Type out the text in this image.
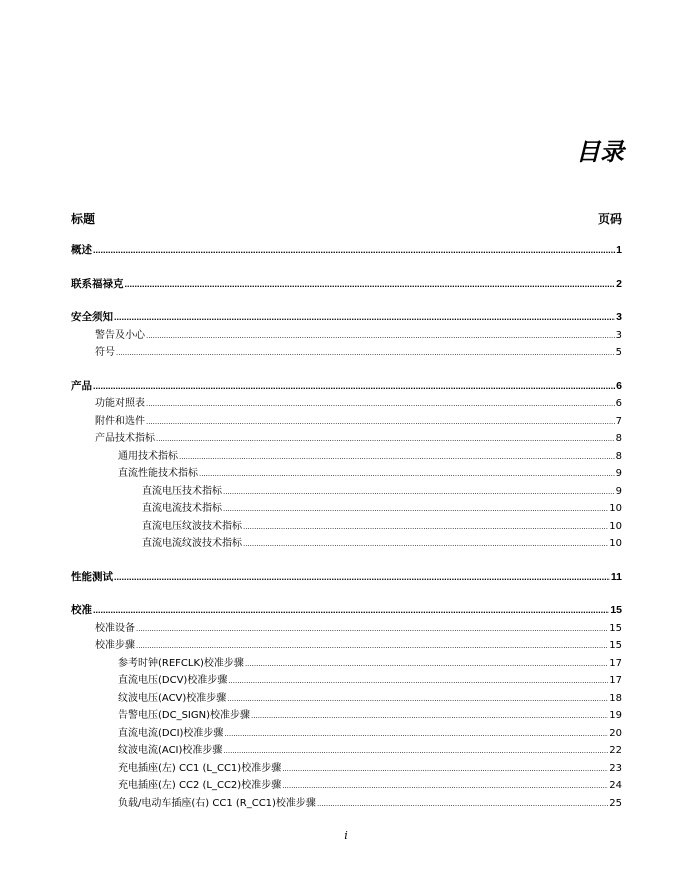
目录
标题	页码
概述 .....	1
联系福禄克 .....	2
安全须知 .....	3
警告及小心 .....	3
符号 .....	5
产品 .....	6
功能对照表 .....	6
附件和选件 .....	7
产品技术指标 .....	8
通用技术指标 .....	8
直流性能技术指标 .....	9
直流电压技术指标 .....	9
直流电流技术指标 .....	10
直流电压纹波技术指标 .....	10
直流电流纹波技术指标 .....	10
性能测试 .....	11
校准 .....	15
校准设备 .....	15
校准步骤 .....	15
参考时钟(REFCLK)校准步骤 .....	17
直流电压(DCV)校准步骤 .....	17
纹波电压(ACV)校准步骤 .....	18
告警电压(DC_SIGN)校准步骤 .....	19
直流电流(DCI)校准步骤 .....	20
纹波电流(ACI)校准步骤 .....	22
充电插座(左) CC1 (L_CC1)校准步骤 .....	23
充电插座(左) CC2 (L_CC2)校准步骤 .....	24
负载/电动车插座(右) CC1 (R_CC1)校准步骤 .....	25
i
